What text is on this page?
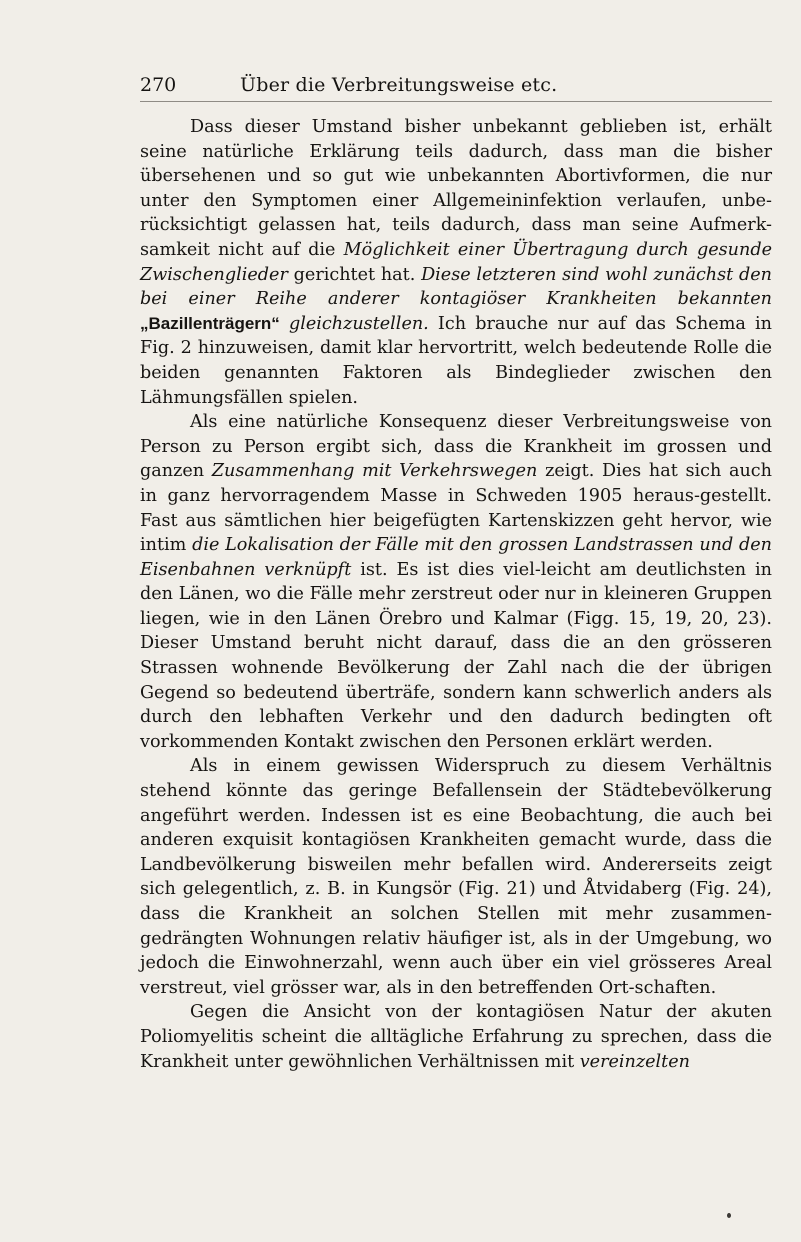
270	Über die Verbreitungsweise etc.

Dass dieser Umstand bisher unbekannt geblieben ist, erhält seine natürliche Erklärung teils dadurch, dass man die bisher übersehenen und so gut wie unbekannten Abortivformen, die nur unter den Symptomen einer Allgemeininfektion verlaufen, unbe-rücksichtigt gelassen hat, teils dadurch, dass man seine Aufmerk-samkeit nicht auf die Möglichkeit einer Übertragung durch gesunde Zwischenglieder gerichtet hat. Diese letzteren sind wohl zunächst den bei einer Reihe anderer kontagiöser Krankheiten bekannten „Bazillenträgern“ gleichzustellen. Ich brauche nur auf das Schema in Fig. 2 hinzuweisen, damit klar hervortritt, welch bedeutende Rolle die beiden genannten Faktoren als Bindeglieder zwischen den Lähmungsfällen spielen.

Als eine natürliche Konsequenz dieser Verbreitungsweise von Person zu Person ergibt sich, dass die Krankheit im grossen und ganzen Zusammenhang mit Verkehrswegen zeigt. Dies hat sich auch in ganz hervorragendem Masse in Schweden 1905 heraus-gestellt. Fast aus sämtlichen hier beigefügten Kartenskizzen geht hervor, wie intim die Lokalisation der Fälle mit den grossen Landstrassen und den Eisenbahnen verknüpft ist. Es ist dies viel-leicht am deutlichsten in den Länen, wo die Fälle mehr zerstreut oder nur in kleineren Gruppen liegen, wie in den Länen Örebro und Kalmar (Figg. 15, 19, 20, 23). Dieser Umstand beruht nicht darauf, dass die an den grösseren Strassen wohnende Bevölkerung der Zahl nach die der übrigen Gegend so bedeutend überträfe, sondern kann schwerlich anders als durch den lebhaften Verkehr und den dadurch bedingten oft vorkommenden Kontakt zwischen den Personen erklärt werden.

Als in einem gewissen Widerspruch zu diesem Verhältnis stehend könnte das geringe Befallensein der Städtebevölkerung angeführt werden. Indessen ist es eine Beobachtung, die auch bei anderen exquisit kontagiösen Krankheiten gemacht wurde, dass die Landbevölkerung bisweilen mehr befallen wird. Andererseits zeigt sich gelegentlich, z. B. in Kungsör (Fig. 21) und Åtvidaberg (Fig. 24), dass die Krankheit an solchen Stellen mit mehr zusammen-gedrängten Wohnungen relativ häufiger ist, als in der Umgebung, wo jedoch die Einwohnerzahl, wenn auch über ein viel grösseres Areal verstreut, viel grösser war, als in den betreffenden Ort-schaften.

Gegen die Ansicht von der kontagiösen Natur der akuten Poliomyelitis scheint die alltägliche Erfahrung zu sprechen, dass die Krankheit unter gewöhnlichen Verhältnissen mit vereinzelten
